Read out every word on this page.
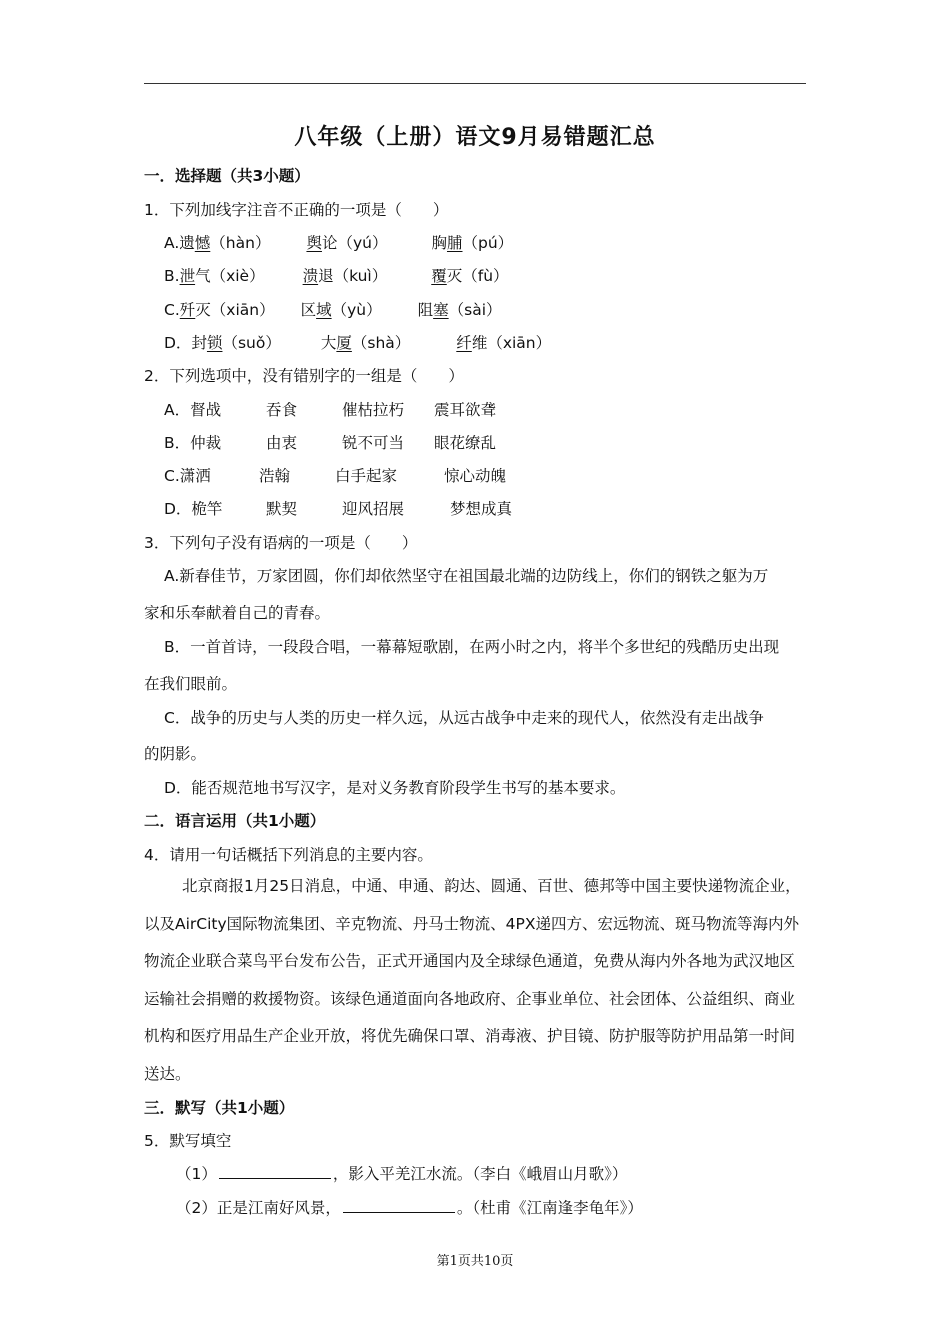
八年级（上册）语文9月易错题汇总
一．选择题（共3小题）
1．下列加线字注音不正确的一项是（　　）
A.遗憾（hàn） 舆论（yú）	胸脯（pú）
B.泄气（xiè） 溃退（kuì）	覆灭（fù）
C.歼灭（xiān） 区域（yù） 阻塞（sài）
D．封锁（suǒ）	大厦（shà）	纤维（xiān）
2．下列选项中，没有错别字的一组是（　　）
A．督战	吞食	催枯拉朽 震耳欲聋
B．仲裁	由衷	锐不可当 眼花缭乱
C.潇洒	浩翰	白手起家	惊心动魄
D．桅竿	默契	迎风招展	梦想成真
3．下列句子没有语病的一项是（　　）
A.新春佳节，万家团圆，你们却依然坚守在祖国最北端的边防线上，你们的钢铁之躯为万
家和乐奉献着自己的青春。
B．一首首诗，一段段合唱，一幕幕短歌剧，在两小时之内，将半个多世纪的残酷历史出现
在我们眼前。
C．战争的历史与人类的历史一样久远，从远古战争中走来的现代人，依然没有走出战争
的阴影。
D．能否规范地书写汉字，是对义务教育阶段学生书写的基本要求。
二．语言运用（共1小题）
4．请用一句话概括下列消息的主要内容。
北京商报1月25日消息，中通、申通、韵达、圆通、百世、德邦等中国主要快递物流企业，以及AirCity国际物流集团、辛克物流、丹马士物流、4PX递四方、宏远物流、斑马物流等海内外物流企业联合菜鸟平台发布公告，正式开通国内及全球绿色通道，免费从海内外各地为武汉地区运输社会捐赠的救援物资。该绿色通道面向各地政府、企事业单位、社会团体、公益组织、商业机构和医疗用品生产企业开放，将优先确保口罩、消毒液、护目镜、防护服等防护用品第一时间送达。
三．默写（共1小题）
5．默写填空
（1）	，影入平羌江水流。（李白《峨眉山月歌》）
（2）正是江南好风景，	。（杜甫《江南逢李龟年》）
第1页共10页
